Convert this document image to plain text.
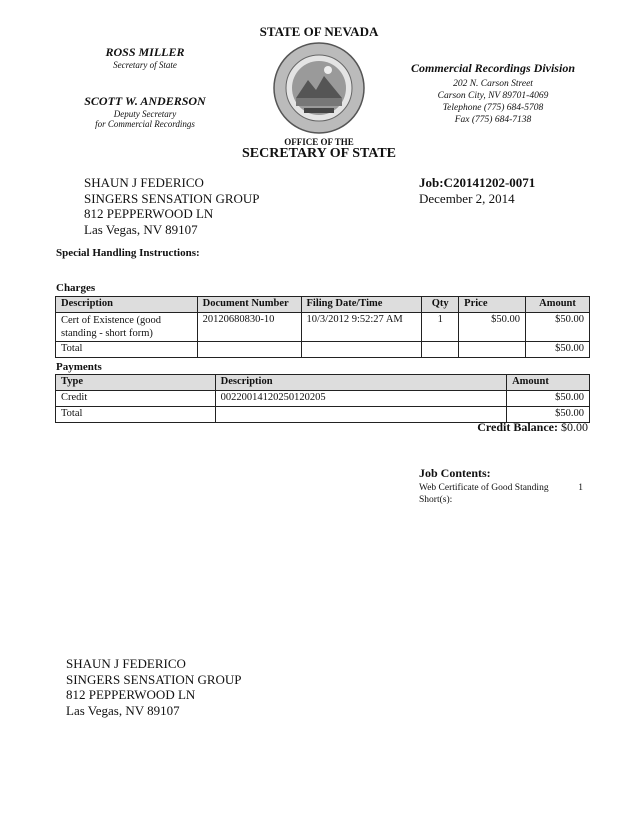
STATE OF NEVADA
ROSS MILLER
Secretary of State
SCOTT W. ANDERSON
Deputy Secretary
for Commercial Recordings
Commercial Recordings Division
202 N. Carson Street
Carson City, NV 89701-4069
Telephone (775) 684-5708
Fax (775) 684-7138
OFFICE OF THE
SECRETARY OF STATE
SHAUN J FEDERICO
SINGERS SENSATION GROUP
812 PEPPERWOOD LN
Las Vegas, NV 89107
Job:C20141202-0071
December 2, 2014
Special Handling Instructions:
Charges
Description	Document Number	Filing Date/Time	Qty	Price	Amount

Cert of Existence (good
standing - short form)	20120680830-10	10/3/2012 9:52:27 AM	1	$50.00	$50.00
Total					$50.00
Payments
Type	Description	Amount
Credit	00220014120250120205	$50.00
Total		$50.00
Credit Balance: $0.00
Job Contents:
Web Certificate of Good Standing
Short(s):
1
SHAUN J FEDERICO
SINGERS SENSATION GROUP
812 PEPPERWOOD LN
Las Vegas, NV 89107
